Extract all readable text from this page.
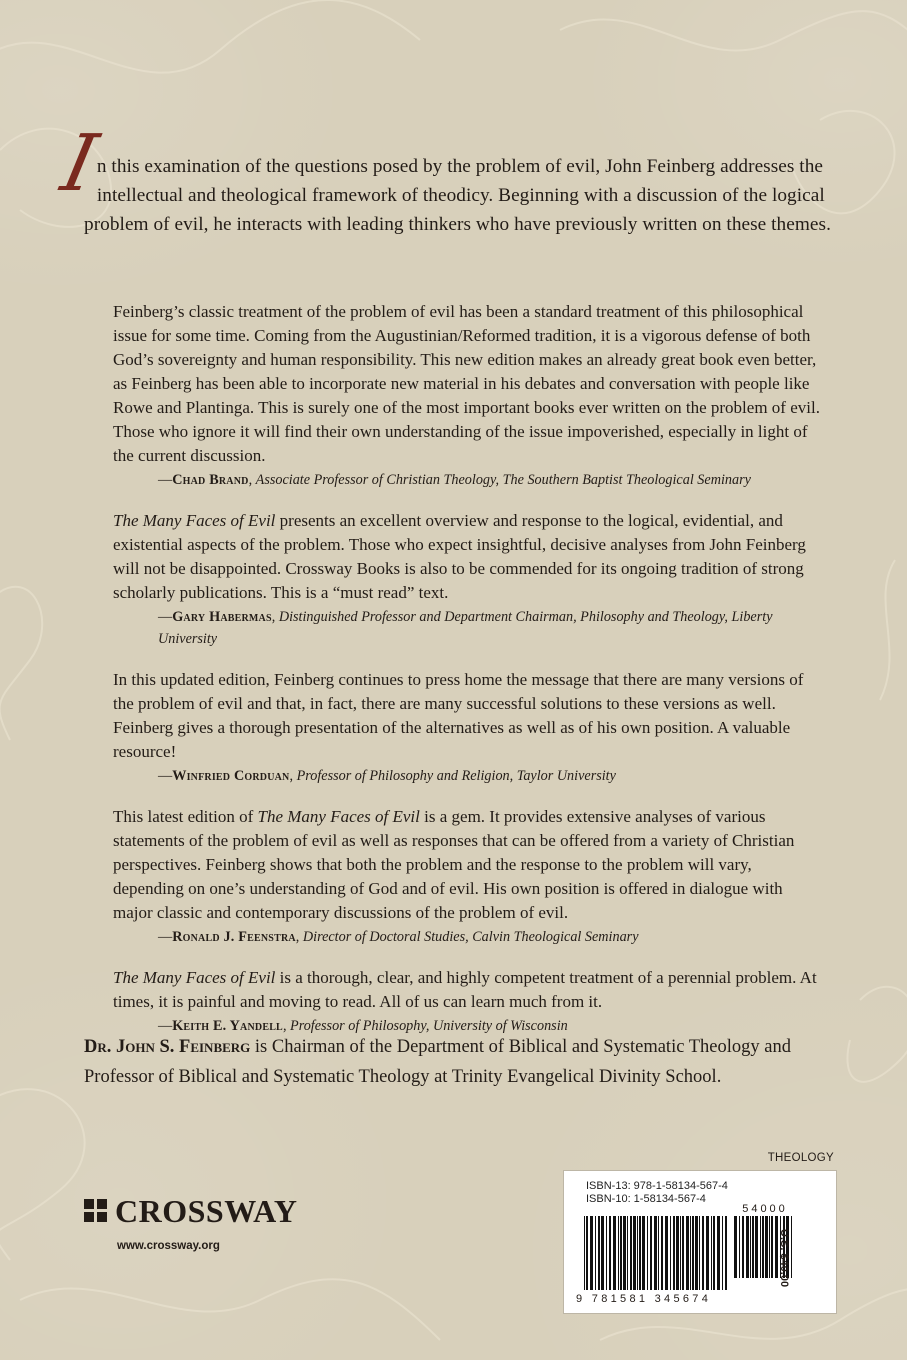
I
n this examination of the questions posed by the problem of evil, John Feinberg addresses the intellectual and theological framework of theodicy. Beginning with a discussion of the logical problem of evil, he interacts with leading thinkers who have previously written on these themes.

Feinberg’s classic treatment of the problem of evil has been a standard treatment of this philosophical issue for some time. Coming from the Augustinian/Reformed tradition, it is a vigorous defense of both God’s sovereignty and human responsibility. This new edition makes an already great book even better, as Feinberg has been able to incorporate new material in his debates and conversation with people like Rowe and Plantinga. This is surely one of the most important books ever written on the problem of evil. Those who ignore it will find their own understanding of the issue impoverished, especially in light of the current discussion.

—Chad Brand, Associate Professor of Christian Theology, The Southern Baptist Theological Seminary

The Many Faces of Evil presents an excellent overview and response to the logical, evidential, and existential aspects of the problem. Those who expect insightful, decisive analyses from John Feinberg will not be disappointed. Crossway Books is also to be commended for its ongoing tradition of strong scholarly publications. This is a “must read” text.

—Gary Habermas, Distinguished Professor and Department Chairman, Philosophy and Theology, Liberty University

In this updated edition, Feinberg continues to press home the message that there are many versions of the problem of evil and that, in fact, there are many successful solutions to these versions as well. Feinberg gives a thorough presentation of the alternatives as well as of his own position. A valuable resource!

—Winfried Corduan, Professor of Philosophy and Religion, Taylor University

This latest edition of The Many Faces of Evil is a gem. It provides extensive analyses of various statements of the problem of evil as well as responses that can be offered from a variety of Christian perspectives. Feinberg shows that both the problem and the response to the problem will vary, depending on one’s understanding of God and of evil. His own position is offered in dialogue with major classic and contemporary discussions of the problem of evil.

—Ronald J. Feenstra, Director of Doctoral Studies, Calvin Theological Seminary

The Many Faces of Evil is a thorough, clear, and highly competent treatment of a perennial problem. At times, it is painful and moving to read. All of us can learn much from it.

—Keith E. Yandell, Professor of Philosophy, University of Wisconsin
Dr. John S. Feinberg is Chairman of the Department of Biblical and Systematic Theology and Professor of Biblical and Systematic Theology at Trinity Evangelical Divinity School.
THEOLOGY
CROSSWAY
www.crossway.org
ISBN-13: 978-1-58134-567-4
ISBN-10: 1-58134-567-4
54000
9 781581 345674
U.S. $40.00
